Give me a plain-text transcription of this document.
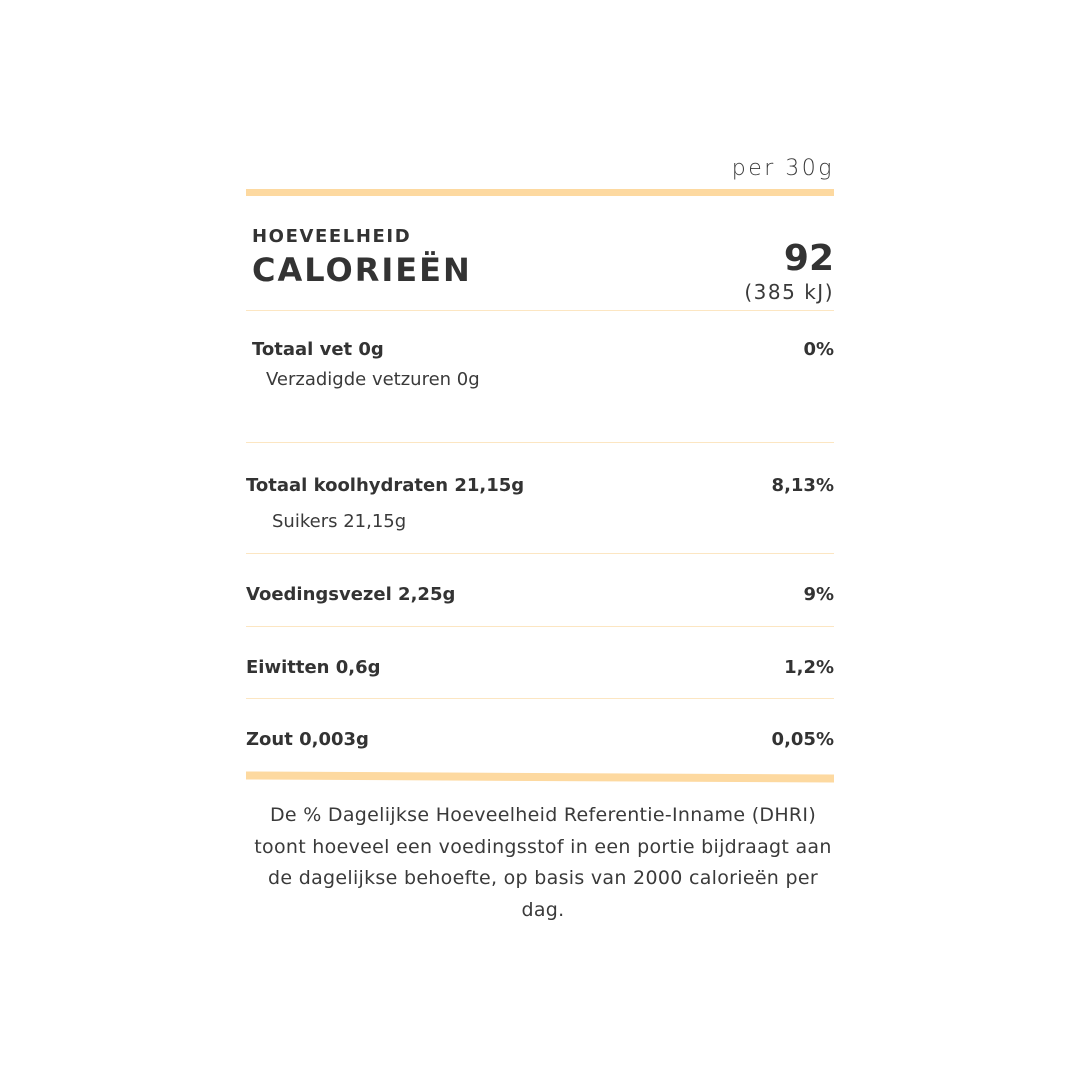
per 30g
HOEVEELHEID
CALORIEËN	92
(385 kJ)
Totaal vet 0g	0%
Verzadigde vetzuren 0g
Totaal koolhydraten 21,15g	8,13%
Suikers 21,15g
Voedingsvezel 2,25g	9%
Eiwitten 0,6g	1,2%
Zout 0,003g	0,05%
De % Dagelijkse Hoeveelheid Referentie-Inname (DHRI) toont hoeveel een voedingsstof in een portie bijdraagt aan de dagelijkse behoefte, op basis van 2000 calorieën per dag.
